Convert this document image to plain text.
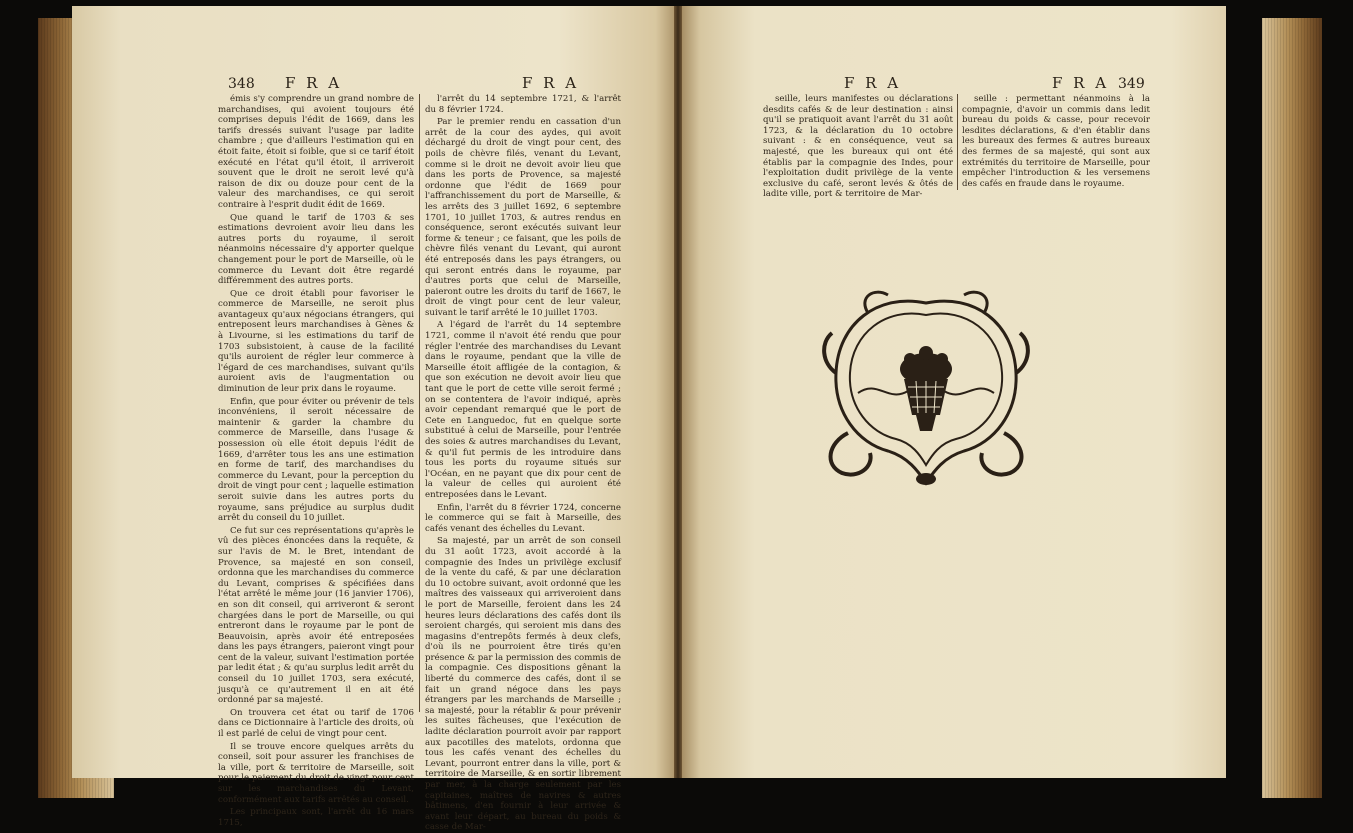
348 F R A	F R A

émis s'y comprendre un grand nombre de marchandises, qui avoient toujours été comprises depuis l'édit de 1669, dans les tarifs dressés suivant l'usage par ladite chambre ; que d'ailleurs l'estimation qui en étoit faite, étoit si foible, que si ce tarif étoit exécuté en l'état qu'il étoit, il arriveroit souvent que le droit ne seroit levé qu'à raison de dix ou douze pour cent de la valeur des marchandises, ce qui seroit contraire à l'esprit dudit édit de 1669.

Que quand le tarif de 1703 & ses estimations devroient avoir lieu dans les autres ports du royaume, il seroit néanmoins nécessaire d'y apporter quelque changement pour le port de Marseille, où le commerce du Levant doit être regardé différemment des autres ports.

Que ce droit établi pour favoriser le commerce de Marseille, ne seroit plus avantageux qu'aux négocians étrangers, qui entreposent leurs marchandises à Gènes & à Livourne, si les estimations du tarif de 1703 subsistoient, à cause de la facilité qu'ils auroient de régler leur commerce à l'égard de ces marchandises, suivant qu'ils auroient avis de l'augmentation ou diminution de leur prix dans le royaume.

Enfin, que pour éviter ou prévenir de tels inconvéniens, il seroit nécessaire de maintenir & garder la chambre du commerce de Marseille, dans l'usage & possession où elle étoit depuis l'édit de 1669, d'arrêter tous les ans une estimation en forme de tarif, des marchandises du commerce du Levant, pour la perception du droit de vingt pour cent ; laquelle estimation seroit suivie dans les autres ports du royaume, sans préjudice au surplus dudit arrêt du conseil du 10 juillet.

Ce fut sur ces représentations qu'après le vû des pièces énoncées dans la requête, & sur l'avis de M. le Bret, intendant de Provence, sa majesté en son conseil, ordonna que les marchandises du commerce du Levant, comprises & spécifiées dans l'état arrêté le même jour (16 janvier 1706), en son dit conseil, qui arriveront & seront chargées dans le port de Marseille, ou qui entreront dans le royaume par le pont de Beauvoisin, après avoir été entreposées dans les pays étrangers, paieront vingt pour cent de la valeur, suivant l'estimation portée par ledit état ; & qu'au surplus ledit arrêt du conseil du 10 juillet 1703, sera exécuté, jusqu'à ce qu'autrement il en ait été ordonné par sa majesté.

On trouvera cet état ou tarif de 1706 dans ce Dictionnaire à l'article des droits, où il est parlé de celui de vingt pour cent.

Il se trouve encore quelques arrêts du conseil, soit pour assurer les franchises de la ville, port & territoire de Marseille, soit pour le paiement du droit de vingt pour cent sur les marchandises du Levant, conformément aux tarifs arrêtés au conseil.

Les principaux sont, l'arrêt du 16 mars 1715,

l'arrêt du 14 septembre 1721, & l'arrêt du 8 février 1724.

Par le premier rendu en cassation d'un arrêt de la cour des aydes, qui avoit déchargé du droit de vingt pour cent, des poils de chèvre filés, venant du Levant, comme si le droit ne devoit avoir lieu que dans les ports de Provence, sa majesté ordonne que l'édit de 1669 pour l'affranchissement du port de Marseille, & les arrêts des 3 juillet 1692, 6 septembre 1701, 10 juillet 1703, & autres rendus en conséquence, seront exécutés suivant leur forme & teneur ; ce faisant, que les poils de chèvre filés venant du Levant, qui auront été entreposés dans les pays étrangers, ou qui seront entrés dans le royaume, par d'autres ports que celui de Marseille, paieront outre les droits du tarif de 1667, le droit de vingt pour cent de leur valeur, suivant le tarif arrêté le 10 juillet 1703.

A l'égard de l'arrêt du 14 septembre 1721, comme il n'avoit été rendu que pour régler l'entrée des marchandises du Levant dans le royaume, pendant que la ville de Marseille étoit affligée de la contagion, & que son exécution ne devoit avoir lieu que tant que le port de cette ville seroit fermé ; on se contentera de l'avoir indiqué, après avoir cependant remarqué que le port de Cete en Languedoc, fut en quelque sorte substitué à celui de Marseille, pour l'entrée des soies & autres marchandises du Levant, & qu'il fut permis de les introduire dans tous les ports du royaume situés sur l'Océan, en ne payant que dix pour cent de la valeur de celles qui auroient été entreposées dans le Levant.

Enfin, l'arrêt du 8 février 1724, concerne le commerce qui se fait à Marseille, des cafés venant des échelles du Levant.

Sa majesté, par un arrêt de son conseil du 31 août 1723, avoit accordé à la compagnie des Indes un privilège exclusif de la vente du café, & par une déclaration du 10 octobre suivant, avoit ordonné que les maîtres des vaisseaux qui arriveroient dans le port de Marseille, feroient dans les 24 heures leurs déclarations des cafés dont ils seroient chargés, qui seroient mis dans des magasins d'entrepôts fermés à deux clefs, d'où ils ne pourroient être tirés qu'en présence & par la permission des commis de la compagnie. Ces dispositions gênant la liberté du commerce des cafés, dont il se fait un grand négoce dans les pays étrangers par les marchands de Marseille ; sa majesté, pour la rétablir & pour prévenir les suites fâcheuses, que l'exécution de ladite déclaration pourroit avoir par rapport aux pacotilles des matelots, ordonna que tous les cafés venant des échelles du Levant, pourront entrer dans la ville, port & territoire de Marseille, & en sortir librement par mer, à la charge seulement par les capitaines, maîtres de navires & autres bâtimens, d'en fournir à leur arrivée & avant leur départ, au bureau du poids & casse de Mar-

F R A	F R A 349

seille, leurs manifestes ou déclarations desdits cafés & de leur destination : ainsi qu'il se pratiquoit avant l'arrêt du 31 août 1723, & la déclaration du 10 octobre suivant : & en conséquence, veut sa majesté, que les bureaux qui ont été établis par la compagnie des Indes, pour l'exploitation dudit privilège de la vente exclusive du café, seront levés & ôtés de ladite ville, port & territoire de Mar-

seille : permettant néanmoins à la compagnie, d'avoir un commis dans ledit bureau du poids & casse, pour recevoir lesdites déclarations, & d'en établir dans les bureaux des fermes & autres bureaux des fermes de sa majesté, qui sont aux extrémités du territoire de Marseille, pour empêcher l'introduction & les versemens des cafés en fraude dans le royaume.
